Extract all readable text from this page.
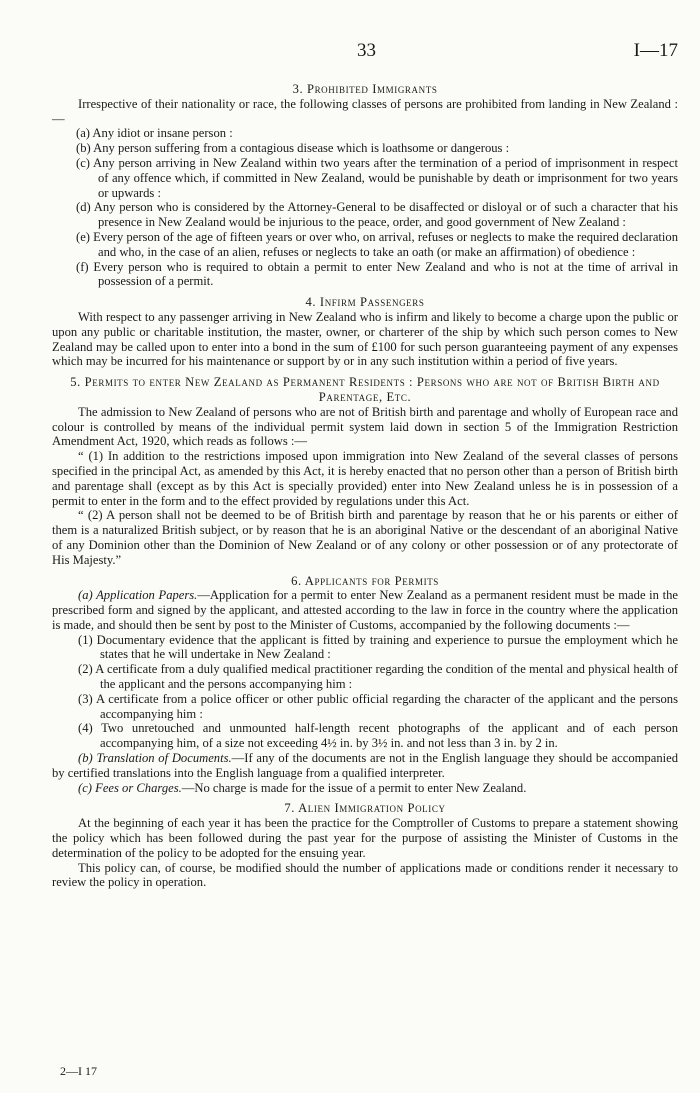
33	I—17

3. Prohibited Immigrants

Irrespective of their nationality or race, the following classes of persons are prohibited from landing in New Zealand :—

(a) Any idiot or insane person :

(b) Any person suffering from a contagious disease which is loathsome or dangerous :

(c) Any person arriving in New Zealand within two years after the termination of a period of imprisonment in respect of any offence which, if committed in New Zealand, would be punishable by death or imprisonment for two years or upwards :

(d) Any person who is considered by the Attorney-General to be disaffected or disloyal or of such a character that his presence in New Zealand would be injurious to the peace, order, and good government of New Zealand :

(e) Every person of the age of fifteen years or over who, on arrival, refuses or neglects to make the required declaration and who, in the case of an alien, refuses or neglects to take an oath (or make an affirmation) of obedience :

(f) Every person who is required to obtain a permit to enter New Zealand and who is not at the time of arrival in possession of a permit.

4. Infirm Passengers

With respect to any passenger arriving in New Zealand who is infirm and likely to become a charge upon the public or upon any public or charitable institution, the master, owner, or charterer of the ship by which such person comes to New Zealand may be called upon to enter into a bond in the sum of £100 for such person guaranteeing payment of any expenses which may be incurred for his maintenance or support by or in any such institution within a period of five years.

5. Permits to enter New Zealand as Permanent Residents : Persons who are not of British Birth and Parentage, Etc.

The admission to New Zealand of persons who are not of British birth and parentage and wholly of European race and colour is controlled by means of the individual permit system laid down in section 5 of the Immigration Restriction Amendment Act, 1920, which reads as follows :—

“ (1) In addition to the restrictions imposed upon immigration into New Zealand of the several classes of persons specified in the principal Act, as amended by this Act, it is hereby enacted that no person other than a person of British birth and parentage shall (except as by this Act is specially provided) enter into New Zealand unless he is in possession of a permit to enter in the form and to the effect provided by regulations under this Act.

“ (2) A person shall not be deemed to be of British birth and parentage by reason that he or his parents or either of them is a naturalized British subject, or by reason that he is an aboriginal Native or the descendant of an aboriginal Native of any Dominion other than the Dominion of New Zealand or of any colony or other possession or of any protectorate of His Majesty.”

6. Applicants for Permits

(a) Application Papers.—Application for a permit to enter New Zealand as a permanent resident must be made in the prescribed form and signed by the applicant, and attested according to the law in force in the country where the application is made, and should then be sent by post to the Minister of Customs, accompanied by the following documents :—

(1) Documentary evidence that the applicant is fitted by training and experience to pursue the employment which he states that he will undertake in New Zealand :

(2) A certificate from a duly qualified medical practitioner regarding the condition of the mental and physical health of the applicant and the persons accompanying him :

(3) A certificate from a police officer or other public official regarding the character of the applicant and the persons accompanying him :

(4) Two unretouched and unmounted half-length recent photographs of the applicant and of each person accompanying him, of a size not exceeding 4½ in. by 3½ in. and not less than 3 in. by 2 in.

(b) Translation of Documents.—If any of the documents are not in the English language they should be accompanied by certified translations into the English language from a qualified interpreter.

(c) Fees or Charges.—No charge is made for the issue of a permit to enter New Zealand.

7. Alien Immigration Policy

At the beginning of each year it has been the practice for the Comptroller of Customs to prepare a statement showing the policy which has been followed during the past year for the purpose of assisting the Minister of Customs in the determination of the policy to be adopted for the ensuing year.

This policy can, of course, be modified should the number of applications made or conditions render it necessary to review the policy in operation.

2—I 17
